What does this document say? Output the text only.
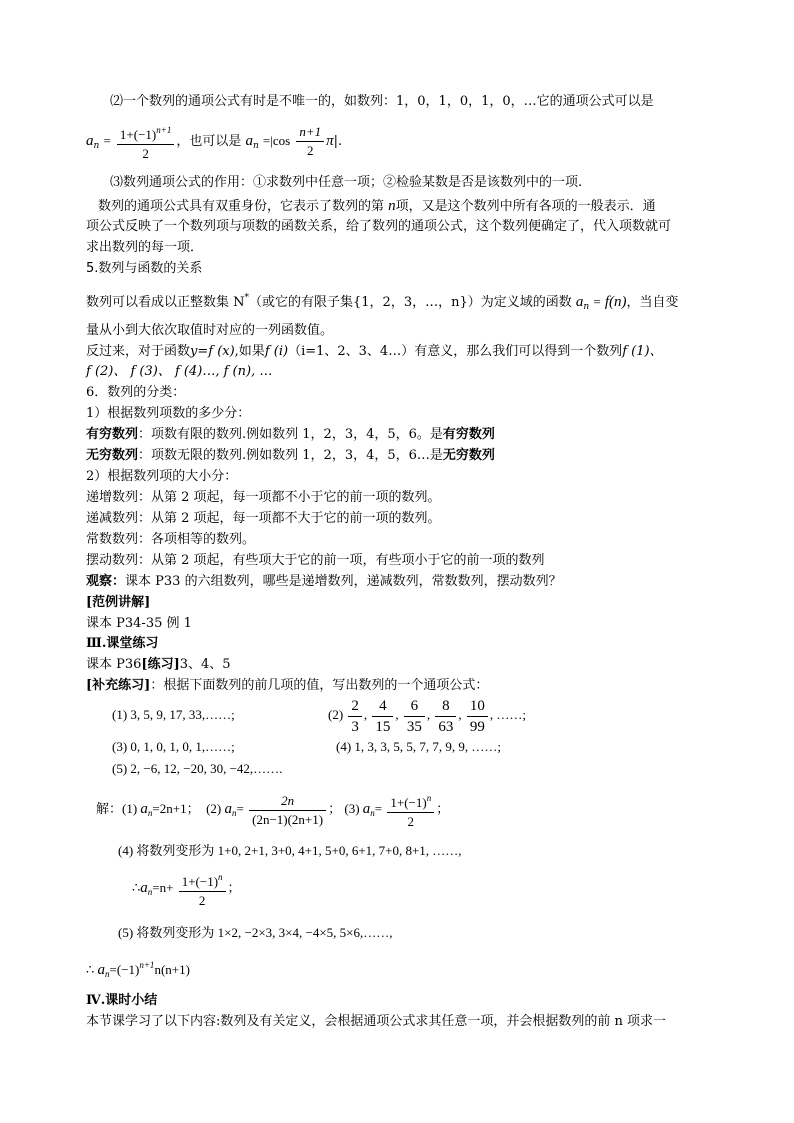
⑵一个数列的通项公式有时是不唯一的，如数列：1，0，1，0，1，0，…它的通项公式可以是
$a_n = \frac{1+(-1)^{n+1}}{2}$ ，也可以是 $a_n =|\cos \frac{n+1}{2} \pi|$.
⑶数列通项公式的作用：①求数列中任意一项；②检验某数是否是该数列中的一项.
数列的通项公式具有双重身份，它表示了数列的第 n项，又是这个数列中所有各项的一般表示．通
项公式反映了一个数列项与项数的函数关系，给了数列的通项公式，这个数列便确定了，代入项数就可
求出数列的每一项．
5.数列与函数的关系
数列可以看成以正整数集 N*（或它的有限子集{1，2，3，…，n}）为定义域的函数 $a_n = f(n)$，当自变
量从小到大依次取值时对应的一列函数值。
反过来，对于函数y=f (x),如果f (i)（i=1、2、3、4…）有意义，那么我们可以得到一个数列f (1)、
f (2)、 f (3)、 f (4)…, f (n), …
6．数列的分类：
1）根据数列项数的多少分：
有穷数列：项数有限的数列.例如数列 1，2，3，4，5，6。是有穷数列
无穷数列：项数无限的数列.例如数列 1，2，3，4，5，6…是无穷数列
2）根据数列项的大小分：
递增数列：从第 2 项起，每一项都不小于它的前一项的数列。
递减数列：从第 2 项起，每一项都不大于它的前一项的数列。
常数数列：各项相等的数列。
摆动数列：从第 2 项起，有些项大于它的前一项，有些项小于它的前一项的数列
观察：课本 P33 的六组数列，哪些是递增数列，递减数列，常数数列，摆动数列？
[范例讲解]
课本 P34-35 例 1
Ⅲ.课堂练习
课本 P36[练习]3、4、5
[补充练习]：根据下面数列的前几项的值，写出数列的一个通项公式：
(1) 3, 5, 9, 17, 33,……;	$(2) \frac{2}{3}$ , $\frac{4}{15}$ , $\frac{6}{35}$ , $\frac{8}{63}$ , $\frac{10}{99}$ , ……;
(3) 0, 1, 0, 1, 0, 1,……;	(4) 1, 3, 3, 5, 5, 7, 7, 9, 9, ……;
(5) 2, −6, 12, −20, 30, −42,…….
解：(1) $a_n=2n+1$； (2) $a_n= \frac{2n}{(2n-1)(2n+1)}$ ； (3) $a_n= \frac{1+(-1)^n}{2}$ ；
(4) 将数列变形为 1+0, 2+1, 3+0, 4+1, 5+0, 6+1, 7+0, 8+1, ……,
$\therefore a_n=n+ \frac{1+(-1)^n}{2}$ ；
(5) 将数列变形为 1×2, −2×3, 3×4, −4×5, 5×6,……,
∴ $a_n=(-1)^{n+1}n(n+1)$
Ⅳ.课时小结
本节课学习了以下内容:数列及有关定义，会根据通项公式求其任意一项，并会根据数列的前 n 项求一
